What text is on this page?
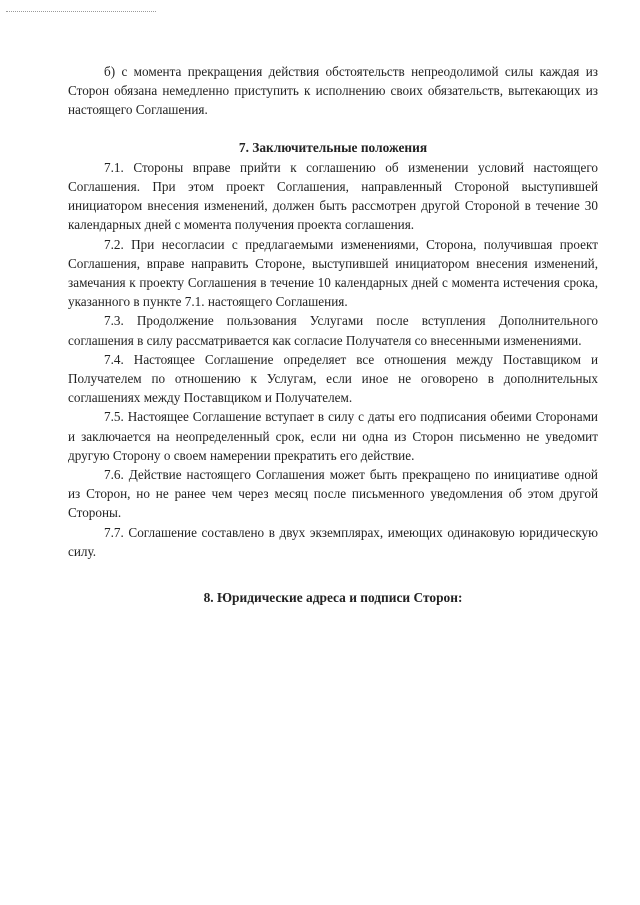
б) с момента прекращения действия обстоятельств непреодолимой силы каждая из Сторон обязана немедленно приступить к исполнению своих обязательств, вытекающих из настоящего Соглашения.

7. Заключительные положения

7.1. Стороны вправе прийти к соглашению об изменении условий настоящего Соглашения. При этом проект Соглашения, направленный Стороной выступившей инициатором внесения изменений, должен быть рассмотрен другой Стороной в течение 30 календарных дней с момента получения проекта соглашения.

7.2. При несогласии с предлагаемыми изменениями, Сторона, получившая проект Соглашения, вправе направить Стороне, выступившей инициатором внесения изменений, замечания к проекту Соглашения в течение 10 календарных дней с момента истечения срока, указанного в пункте 7.1. настоящего Соглашения.

7.3. Продолжение пользования Услугами после вступления Дополнительного соглашения в силу рассматривается как согласие Получателя со внесенными изменениями.

7.4. Настоящее Соглашение определяет все отношения между Поставщиком и Получателем по отношению к Услугам, если иное не оговорено в дополнительных соглашениях между Поставщиком и Получателем.

7.5. Настоящее Соглашение вступает в силу с даты его подписания обеими Сторонами и заключается на неопределенный срок, если ни одна из Сторон письменно не уведомит другую Сторону о своем намерении прекратить его действие.

7.6. Действие настоящего Соглашения может быть прекращено по инициативе одной из Сторон, но не ранее чем через месяц после письменного уведомления об этом другой Стороны.

7.7. Соглашение составлено в двух экземплярах, имеющих одинаковую юридическую силу.

8. Юридические адреса и подписи Сторон:
